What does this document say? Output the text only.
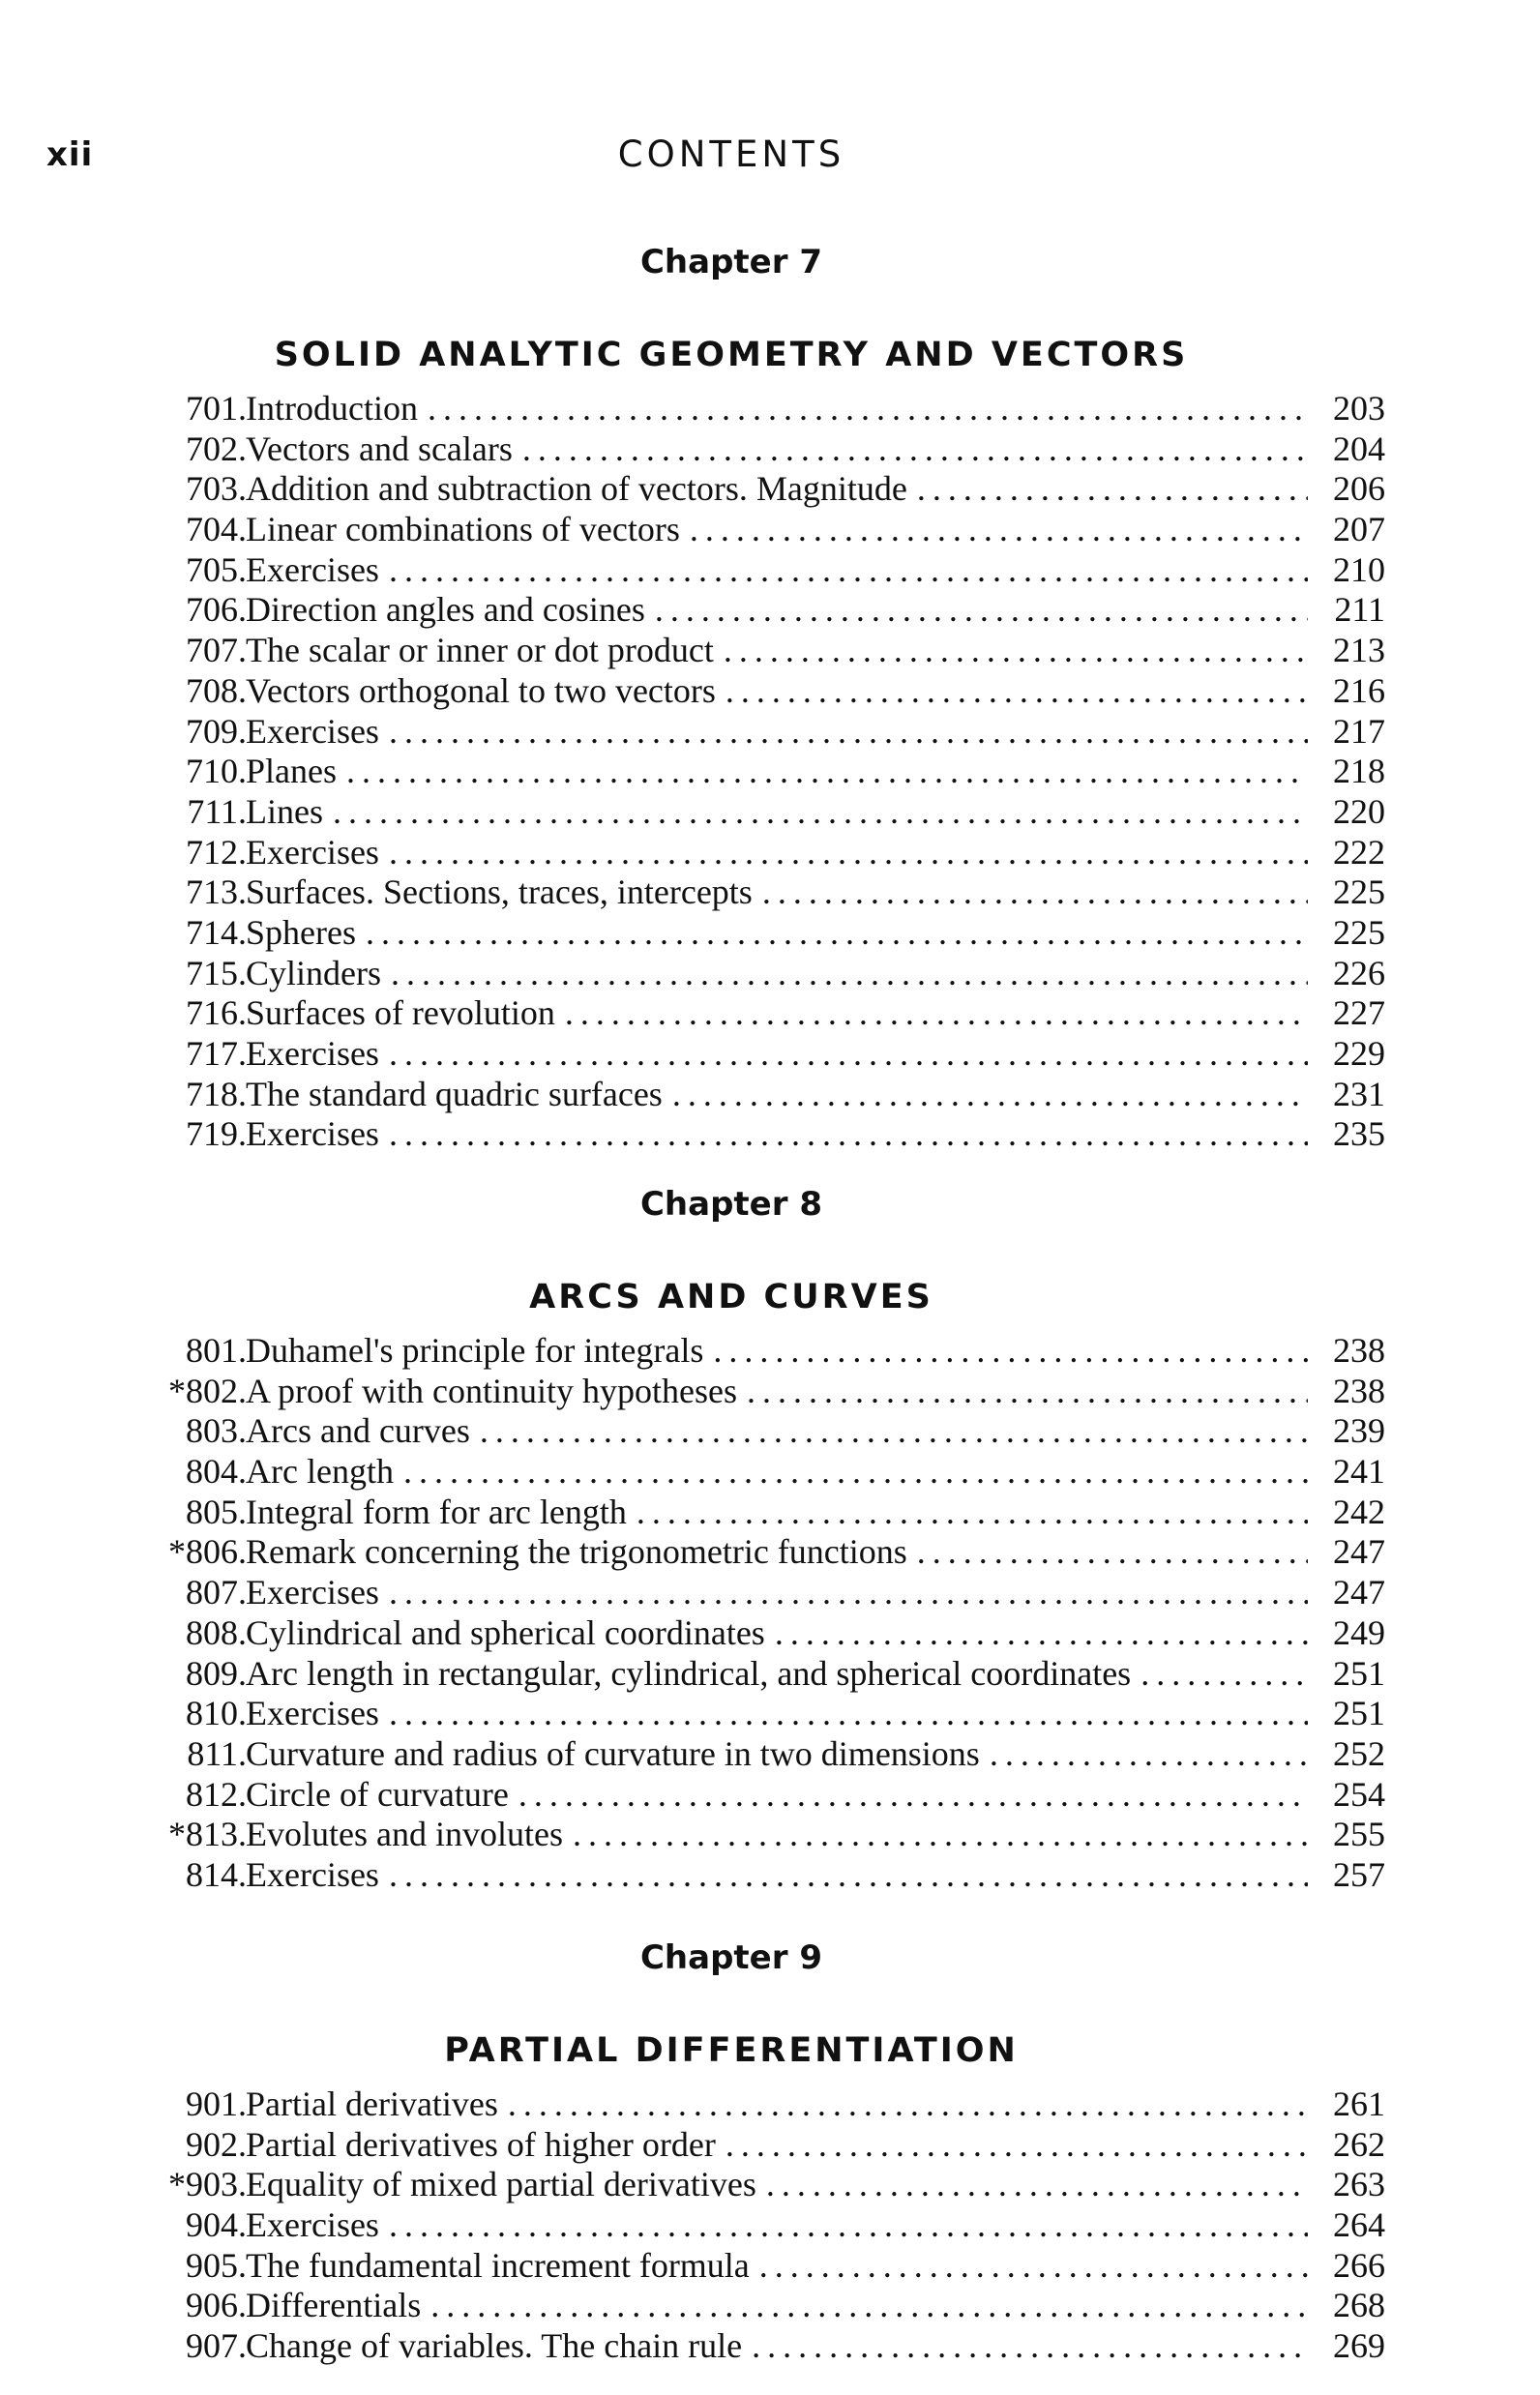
xii	CONTENTS
Chapter 7
SOLID ANALYTIC GEOMETRY AND VECTORS
701 . Introduction . . .	203
702 . Vectors and scalars . . .	204
703 . Addition and subtraction of vectors. Magnitude . . .	206
704 . Linear combinations of vectors . . .	207
705 . Exercises . . .	210
706 . Direction angles and cosines . . .	211
707 . The scalar or inner or dot product . . .	213
708 . Vectors orthogonal to two vectors . . .	216
709 . Exercises . . .	217
710 . Planes . . .	218
711 . Lines . . .	220
712 . Exercises . . .	222
713 . Surfaces. Sections, traces, intercepts . . .	225
714 . Spheres . . .	225
715 . Cylinders . . .	226
716 . Surfaces of revolution . . .	227
717 . Exercises . . .	229
718 . The standard quadric surfaces . . .	231
719 . Exercises . . .	235
Chapter 8
ARCS AND CURVES
801 . Duhamel's principle for integrals . . .	238
*802 . A proof with continuity hypotheses . . .	238
803 . Arcs and curves . . .	239
804 . Arc length . . .	241
805 . Integral form for arc length . . .	242
*806 . Remark concerning the trigonometric functions . . .	247
807 . Exercises . . .	247
808 . Cylindrical and spherical coordinates . . .	249
809 . Arc length in rectangular, cylindrical, and spherical coordinates . . .	251
810 . Exercises . . .	251
811 . Curvature and radius of curvature in two dimensions . . .	252
812 . Circle of curvature . . .	254
*813 . Evolutes and involutes . . .	255
814 . Exercises . . .	257
Chapter 9
PARTIAL DIFFERENTIATION
901 . Partial derivatives . . .	261
902 . Partial derivatives of higher order . . .	262
*903 . Equality of mixed partial derivatives . . .	263
904 . Exercises . . .	264
905 . The fundamental increment formula . . .	266
906 . Differentials . . .	268
907 . Change of variables. The chain rule . . .	269
